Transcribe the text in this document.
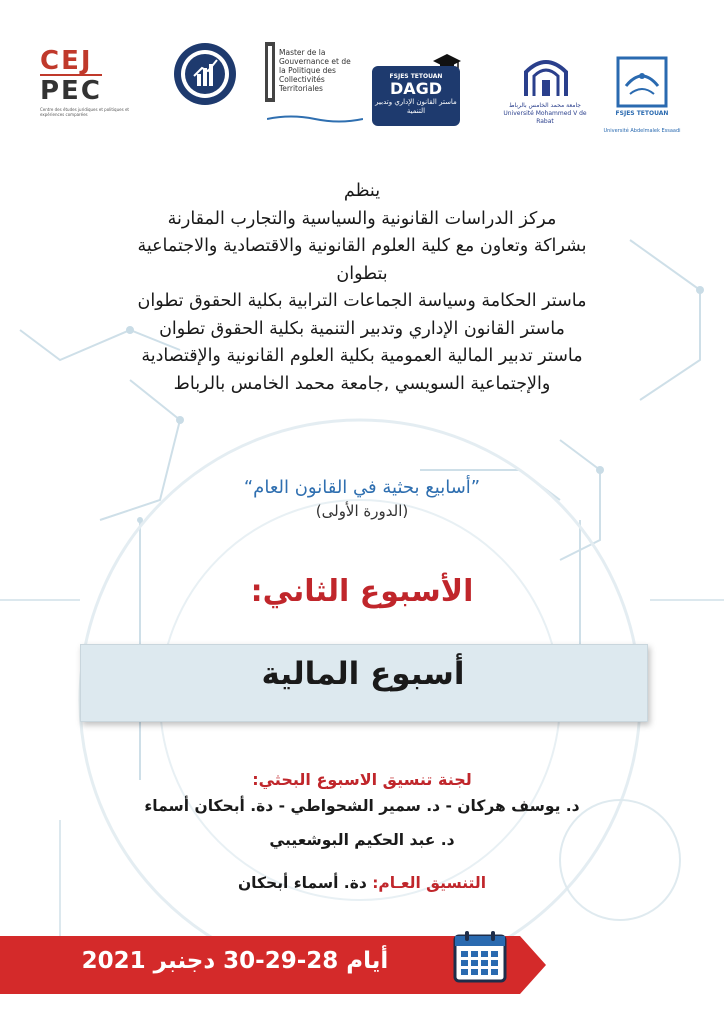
CEJ
PEC
Centre des études juridiques et politiques et expériences comparées
Master de la Gouvernance et de la Politique des Collectivités Territoriales
FSJES TETOUAN
DAGD
ماستر القانون الإداري وتدبير التنمية
جامعة محمد الخامس بالرباط
Université Mohammed V de Rabat
FSJES TETOUAN
Université Abdelmalek Essaadi
ينظم
مركز الدراسات القانونية والسياسية والتجارب المقارنة
بشراكة وتعاون مع كلية العلوم القانونية والاقتصادية والاجتماعية
بتطوان
ماستر الحكامة وسياسة الجماعات الترابية بكلية الحقوق تطوان
ماستر القانون الإداري وتدبير التنمية بكلية الحقوق تطوان
ماستر تدبير المالية العمومية بكلية العلوم القانونية والإقتصادية
والإجتماعية السويسي ,جامعة محمد الخامس بالرباط
”أسابيع بحثية في القانون العام“
(الدورة الأولى)
الأسبوع الثاني:
أسبوع المالية
لجنة تنسيق الاسبوع البحثي:
د. يوسف هركان - د. سمير الشحواطي - دة. أبحكان أسماء
د. عبد الحكيم البوشعيبي
التنسيق العـام: دة. أسماء أبحكان
أيام 28-29-30 دجنبر 2021
